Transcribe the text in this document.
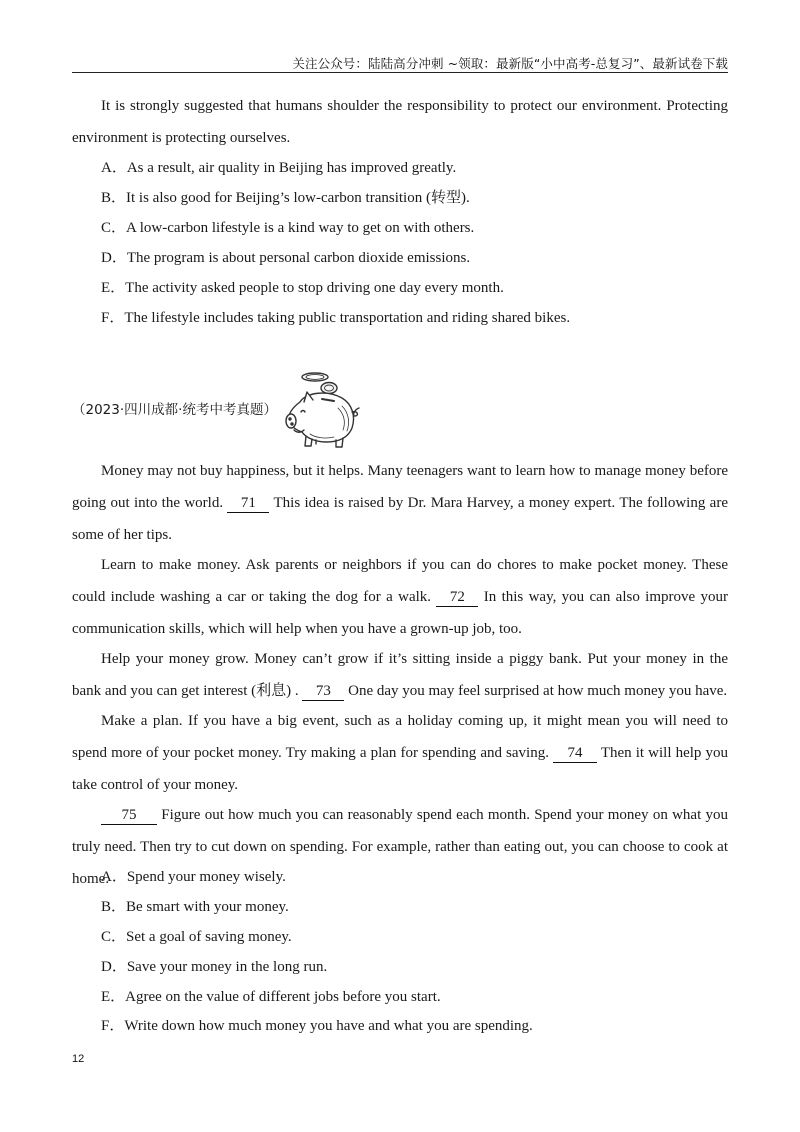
关注公众号：陆陆高分冲刺 ~领取：最新版“小中高考-总复习”、最新试卷下载
It is strongly suggested that humans shoulder the responsibility to protect our environment. Protecting environment is protecting ourselves.
A．As a result, air quality in Beijing has improved greatly.
B．It is also good for Beijing’s low-carbon transition (转型).
C．A low-carbon lifestyle is a kind way to get on with others.
D．The program is about personal carbon dioxide emissions.
E．The activity asked people to stop driving one day every month.
F．The lifestyle includes taking public transportation and riding shared bikes.
（2023·四川成都·统考中考真题）
Money may not buy happiness, but it helps. Many teenagers want to learn how to manage money before going out into the world. 71 This idea is raised by Dr. Mara Harvey, a money expert. The following are some of her tips.
Learn to make money. Ask parents or neighbors if you can do chores to make pocket money. These could include washing a car or taking the dog for a walk. 72 In this way, you can also improve your communication skills, which will help when you have a grown-up job, too.
Help your money grow. Money can’t grow if it’s sitting inside a piggy bank. Put your money in the bank and you can get interest (利息) . 73 One day you may feel surprised at how much money you have.
Make a plan. If you have a big event, such as a holiday coming up, it might mean you will need to spend more of your pocket money. Try making a plan for spending and saving. 74 Then it will help you take control of your money.
75 Figure out how much you can reasonably spend each month. Spend your money on what you truly need. Then try to cut down on spending. For example, rather than eating out, you can choose to cook at home.
A．Spend your money wisely.
B．Be smart with your money.
C．Set a goal of saving money.
D．Save your money in the long run.
E．Agree on the value of different jobs before you start.
F．Write down how much money you have and what you are spending.
12
